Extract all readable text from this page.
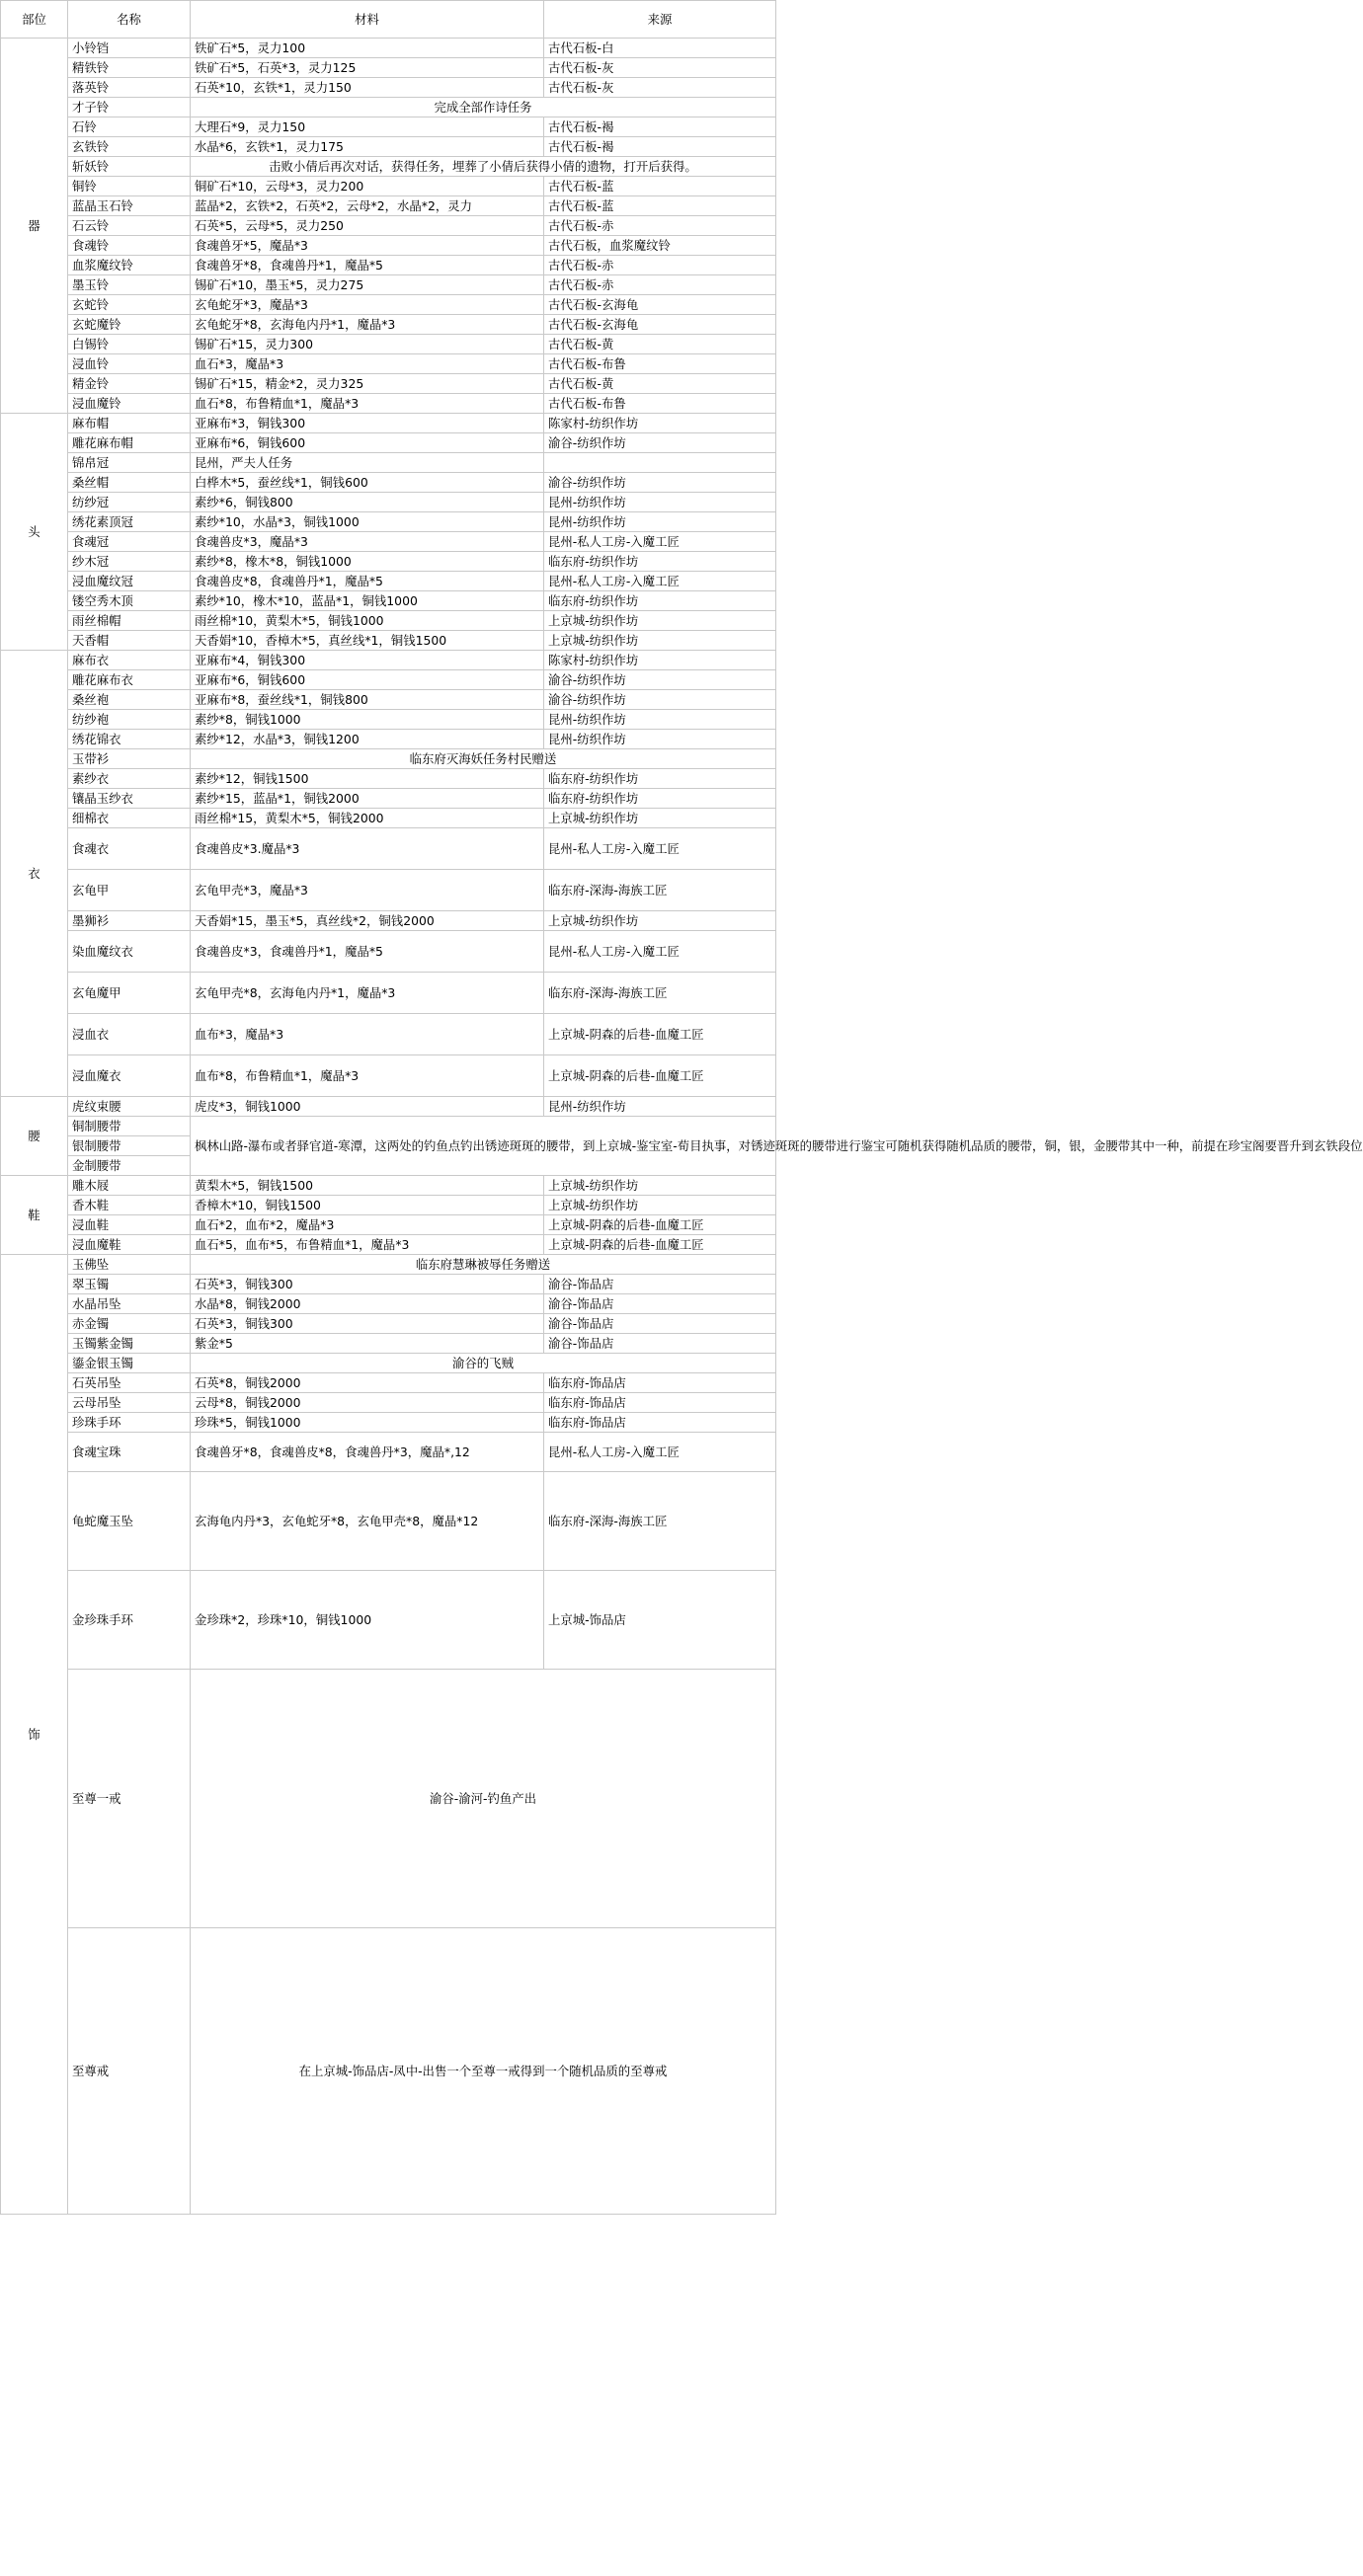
部位	名称	材料	来源
器	小铃铛	铁矿石*5，灵力100	古代石板-白
	精铁铃	铁矿石*5，石英*3，灵力125	古代石板-灰
	落英铃	石英*10，玄铁*1，灵力150	古代石板-灰
	才子铃	完成全部作诗任务	
	石铃	大理石*9，灵力150	古代石板-褐
	玄铁铃	水晶*6，玄铁*1，灵力175	古代石板-褐
	斩妖铃	击败小倩后再次对话，获得任务，埋葬了小倩后获得小倩的遗物，打开后获得。	
	铜铃	铜矿石*10，云母*3，灵力200	古代石板-蓝
	蓝晶玉石铃	蓝晶*2，玄铁*2，石英*2，云母*2，水晶*2，灵力	古代石板-蓝
	石云铃	石英*5，云母*5，灵力250	古代石板-赤
	食魂铃	食魂兽牙*5，魔晶*3	古代石板，血浆魔纹铃
	血浆魔纹铃	食魂兽牙*8，食魂兽丹*1，魔晶*5	古代石板-赤
	墨玉铃	锡矿石*10，墨玉*5，灵力275	古代石板-赤
	玄蛇铃	玄龟蛇牙*3，魔晶*3	古代石板-玄海龟
	玄蛇魔铃	玄龟蛇牙*8，玄海龟内丹*1，魔晶*3	古代石板-玄海龟
	白锡铃	锡矿石*15，灵力300	古代石板-黄
	浸血铃	血石*3，魔晶*3	古代石板-布鲁
	精金铃	锡矿石*15，精金*2，灵力325	古代石板-黄
	浸血魔铃	血石*8，布鲁精血*1，魔晶*3	古代石板-布鲁
头	麻布帽	亚麻布*3，铜钱300	陈家村-纺织作坊
	雕花麻布帽	亚麻布*6，铜钱600	渝谷-纺织作坊
	锦帛冠	昆州，严夫人任务	
	桑丝帽	白桦木*5，蚕丝线*1，铜钱600	渝谷-纺织作坊
	纺纱冠	素纱*6，铜钱800	昆州-纺织作坊
	绣花素顶冠	素纱*10，水晶*3，铜钱1000	昆州-纺织作坊
	食魂冠	食魂兽皮*3，魔晶*3	昆州-私人工房-入魔工匠
	纱木冠	素纱*8，橡木*8，铜钱1000	临东府-纺织作坊
	浸血魔纹冠	食魂兽皮*8，食魂兽丹*1，魔晶*5	昆州-私人工房-入魔工匠
	镂空秀木顶	素纱*10，橡木*10，蓝晶*1，铜钱1000	临东府-纺织作坊
	雨丝棉帽	雨丝棉*10，黄梨木*5，铜钱1000	上京城-纺织作坊
	天香帽	天香娟*10，香樟木*5，真丝线*1，铜钱1500	上京城-纺织作坊
衣	麻布衣	亚麻布*4，铜钱300	陈家村-纺织作坊
	雕花麻布衣	亚麻布*6，铜钱600	渝谷-纺织作坊
	桑丝袍	亚麻布*8，蚕丝线*1，铜钱800	渝谷-纺织作坊
	纺纱袍	素纱*8，铜钱1000	昆州-纺织作坊
	绣花锦衣	素纱*12，水晶*3，铜钱1200	昆州-纺织作坊
	玉带衫	临东府灭海妖任务村民赠送	
	素纱衣	素纱*12，铜钱1500	临东府-纺织作坊
	镶晶玉纱衣	素纱*15，蓝晶*1，铜钱2000	临东府-纺织作坊
	细棉衣	雨丝棉*15，黄梨木*5，铜钱2000	上京城-纺织作坊
	食魂衣	食魂兽皮*3.魔晶*3	昆州-私人工房-入魔工匠
	玄龟甲	玄龟甲壳*3，魔晶*3	临东府-深海-海族工匠
	墨狮衫	天香娟*15，墨玉*5，真丝线*2，铜钱2000	上京城-纺织作坊
	染血魔纹衣	食魂兽皮*3，食魂兽丹*1，魔晶*5	昆州-私人工房-入魔工匠
	玄龟魔甲	玄龟甲壳*8，玄海龟内丹*1，魔晶*3	临东府-深海-海族工匠
	浸血衣	血布*3，魔晶*3	上京城-阴森的后巷-血魔工匠
	浸血魔衣	血布*8，布鲁精血*1，魔晶*3	上京城-阴森的后巷-血魔工匠
腰	虎纹束腰	虎皮*3，铜钱1000	昆州-纺织作坊
	铜制腰带	枫林山路-瀑布或者驿官道-寒潭，这两处的钓鱼点钓出锈迹斑斑的腰带，到上京城-鉴宝室-荀目执事，对锈迹斑斑的腰带进行鉴宝可随机获得随机品质的腰带，铜，银，金腰带其中一种，前提在珍宝阁要晋升到玄铁段位	
	银制腰带		
	金制腰带		
鞋	雕木屐	黄梨木*5，铜钱1500	上京城-纺织作坊
	香木鞋	香樟木*10，铜钱1500	上京城-纺织作坊
	浸血鞋	血石*2，血布*2，魔晶*3	上京城-阴森的后巷-血魔工匠
	浸血魔鞋	血石*5，血布*5，布鲁精血*1，魔晶*3	上京城-阴森的后巷-血魔工匠
饰	玉佛坠	临东府慧琳被辱任务赠送	
	翠玉镯	石英*3，铜钱300	渝谷-饰品店
	水晶吊坠	水晶*8，铜钱2000	渝谷-饰品店
	赤金镯	石英*3，铜钱300	渝谷-饰品店
	玉镯紫金镯	紫金*5	渝谷-饰品店
	鎏金银玉镯	渝谷的飞贼	
	石英吊坠	石英*8，铜钱2000	临东府-饰品店
	云母吊坠	云母*8，铜钱2000	临东府-饰品店
	珍珠手环	珍珠*5，铜钱1000	临东府-饰品店
	食魂宝珠	食魂兽牙*8，食魂兽皮*8，食魂兽丹*3，魔晶*,12	昆州-私人工房-入魔工匠
	龟蛇魔玉坠	玄海龟内丹*3，玄龟蛇牙*8，玄龟甲壳*8，魔晶*12	临东府-深海-海族工匠
	金珍珠手环	金珍珠*2，珍珠*10，铜钱1000	上京城-饰品店
	至尊一戒	渝谷-渝河-钓鱼产出	
	至尊戒	在上京城-饰品店-凤中-出售一个至尊一戒得到一个随机品质的至尊戒	
